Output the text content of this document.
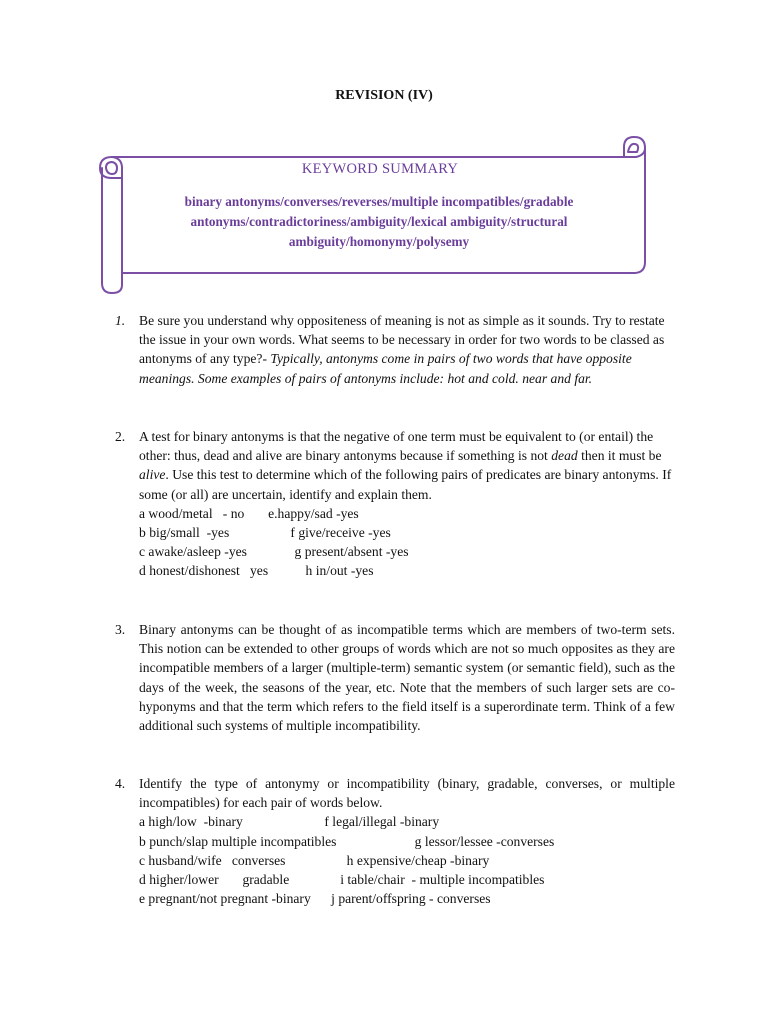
REVISION (IV)
KEYWORD SUMMARY
binary antonyms/converses/reverses/multiple incompatibles/gradable
antonyms/contradictoriness/ambiguity/lexical ambiguity/structural
ambiguity/homonymy/polysemy
1. Be sure you understand why oppositeness of meaning is not as simple as it sounds. Try to restate the issue in your own words. What seems to be necessary in order for two words to be classed as antonyms of any type?- Typically, antonyms come in pairs of two words that have opposite meanings. Some examples of pairs of antonyms include: hot and cold. near and far.
2. A test for binary antonyms is that the negative of one term must be equivalent to (or entail) the other: thus, dead and alive are binary antonyms because if something is not dead then it must be alive. Use this test to determine which of the following pairs of predicates are binary antonyms. If some (or all) are uncertain, identify and explain them.
a wood/metal   - no       e.happy/sad -yes
b big/small  -yes                  f give/receive -yes
c awake/asleep -yes              g present/absent -yes
d honest/dishonest   yes           h in/out -yes
3. Binary antonyms can be thought of as incompatible terms which are members of two-term sets. This notion can be extended to other groups of words which are not so much opposites as they are incompatible members of a larger (multiple-term) semantic system (or semantic field), such as the days of the week, the seasons of the year, etc. Note that the members of such larger sets are co-hyponyms and that the term which refers to the field itself is a superordinate term. Think of a few additional such systems of multiple incompatibility.
4. Identify the type of antonymy or incompatibility (binary, gradable, converses, or multiple incompatibles) for each pair of words below.
a high/low  -binary                        f legal/illegal -binary
b punch/slap multiple incompatibles                       g lessor/lessee -converses
c husband/wife   converses                  h expensive/cheap -binary
d higher/lower       gradable               i table/chair  - multiple incompatibles
e pregnant/not pregnant -binary      j parent/offspring - converses
